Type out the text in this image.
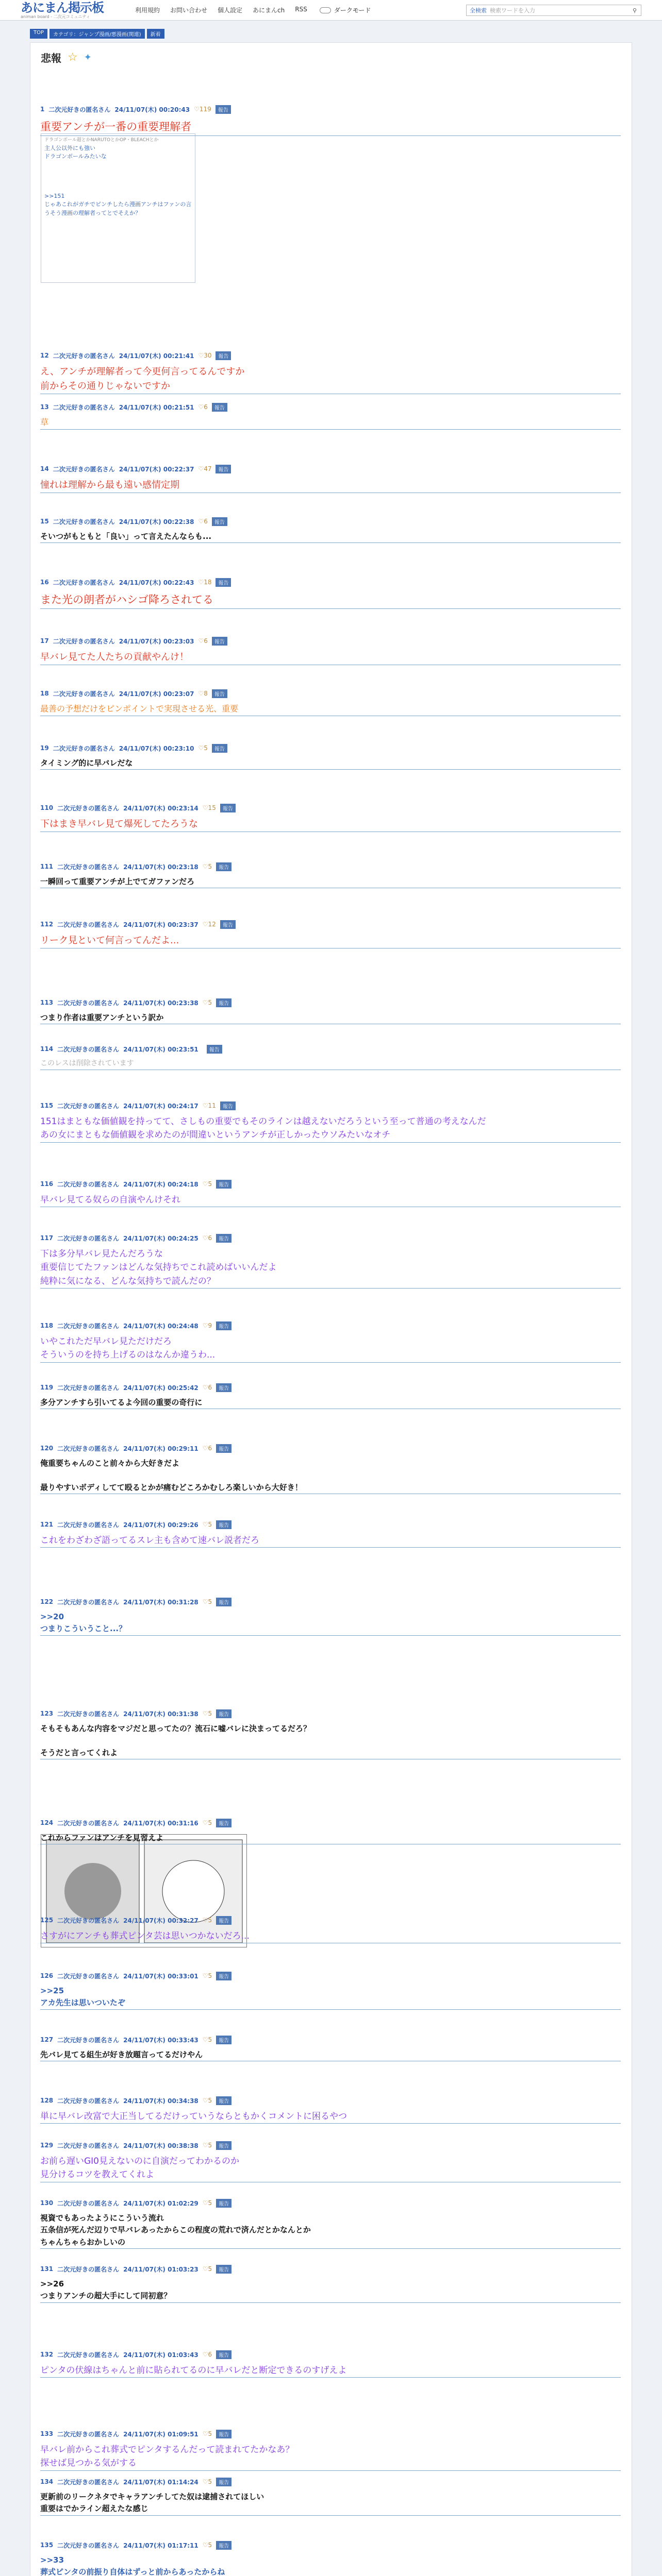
あにまん掲示板
animan board - 二次元コミュニティ
利用規約 お問い合わせ 個人設定 あにまんch RSS	ダークモード	全検索 検索ワードを入力	⚲
TOP	カテゴリ：ジャンプ漫画/悪漫画(関連)	新着
悲報 ☆ ✦
ドラゴンボール超とかNARUTOとかOP・BLEACHとか
主人公以外にも強い
ドラゴンボールみたいな
>>151
じゃあこれがガチでピンチしたら漫画アンチはファンの言うそう漫画の理解者ってとでそえか？
1 二次元好きの匿名さん 24/11/07(木) 00:20:43 ♡119	報告
重要アンチが一番の重要理解者
12 二次元好きの匿名さん 24/11/07(木) 00:21:41 ♡30	報告
え、アンチが理解者って今更何言ってるんですか
前からその通りじゃないですか
13 二次元好きの匿名さん 24/11/07(木) 00:21:51 ♡6	報告
草
14 二次元好きの匿名さん 24/11/07(木) 00:22:37 ♡47	報告
憧れは理解から最も遠い感情定期
15 二次元好きの匿名さん 24/11/07(木) 00:22:38 ♡6	報告
そいつがもともと「良い」って言えたんならも...
16 二次元好きの匿名さん 24/11/07(木) 00:22:43 ♡18	報告
また光の朗者がハシゴ降ろされてる
17 二次元好きの匿名さん 24/11/07(木) 00:23:03 ♡6	報告
早バレ見てた人たちの貢献やんけ！
18 二次元好きの匿名さん 24/11/07(木) 00:23:07 ♡8	報告
最善の予想だけをピンポイントで実現させる光、重要
19 二次元好きの匿名さん 24/11/07(木) 00:23:10 ♡5	報告
タイミング的に早バレだな
110 二次元好きの匿名さん 24/11/07(木) 00:23:14 ♡15	報告
下はまき早バレ見て爆死してたろうな
111 二次元好きの匿名さん 24/11/07(木) 00:23:18 ♡5	報告
一瞬回って重要アンチが上でてガファンだろ
112 二次元好きの匿名さん 24/11/07(木) 00:23:37 ♡12	報告
リーク見といて何言ってんだよ...
113 二次元好きの匿名さん 24/11/07(木) 00:23:38 ♡5	報告
つまり作者は重要アンチという訳か
114 二次元好きの匿名さん 24/11/07(木) 00:23:51	報告
このレスは削除されています
115 二次元好きの匿名さん 24/11/07(木) 00:24:17 ♡11	報告
151はまともな価値観を持ってて、さしもの重要でもそのラインは越えないだろうという至って普通の考えなんだ
あの女にまともな価値観を求めたのが間違いというアンチが正しかったウソみたいなオチ
116 二次元好きの匿名さん 24/11/07(木) 00:24:18 ♡5	報告
早バレ見てる奴らの自演やんけそれ
117 二次元好きの匿名さん 24/11/07(木) 00:24:25 ♡6	報告
下は多分早バレ見たんだろうな
重要信じてたファンはどんな気持ちでこれ読めばいいんだよ
純粋に気になる、どんな気持ちで読んだの？
118 二次元好きの匿名さん 24/11/07(木) 00:24:48 ♡9	報告
いやこれただ早バレ見ただけだろ
そういうのを持ち上げるのはなんか違うわ...
119 二次元好きの匿名さん 24/11/07(木) 00:25:42 ♡6	報告
多分アンチすら引いてるよ今回の重要の奇行に
120 二次元好きの匿名さん 24/11/07(木) 00:29:11 ♡6	報告
俺重要ちゃんのこと前々から大好きだよ

最りやすいボディしてて殴るとかが痛むどころかむしろ楽しいから大好き！
121 二次元好きの匿名さん 24/11/07(木) 00:29:26 ♡5	報告
これをわざわざ語ってるスレ主も含めて速バレ説者だろ
122 二次元好きの匿名さん 24/11/07(木) 00:31:28 ♡5	報告
>>20
つまりこういうこと...？
123 二次元好きの匿名さん 24/11/07(木) 00:31:38 ♡5	報告
そもそもあんな内容をマジだと思ってたの？流石に嘘バレに決まってるだろ？

そうだと言ってくれよ
124 二次元好きの匿名さん 24/11/07(木) 00:31:16 ♡5	報告
これからファンはアンチを見習えよ
125 二次元好きの匿名さん 24/11/07(木) 00:32:27 ♡5	報告
さすがにアンチも葬式ピンタ芸は思いつかないだろ...
126 二次元好きの匿名さん 24/11/07(木) 00:33:01 ♡5	報告
>>25
アカ先生は思いついたぞ
127 二次元好きの匿名さん 24/11/07(木) 00:33:43 ♡5	報告
先バレ見てる組生が好き放題言ってるだけやん
128 二次元好きの匿名さん 24/11/07(木) 00:34:38 ♡5	報告
単に早バレ改富で大正当してるだけっていうならともかくコメントに困るやつ
129 二次元好きの匿名さん 24/11/07(木) 00:38:38 ♡5	報告
お前ら遅いGI0見えないのに自演だってわかるのか
見分けるコツを教えてくれよ
130 二次元好きの匿名さん 24/11/07(木) 01:02:29 ♡5	報告
視資でもあったようにこういう流れ
五条信が死んだ辺りで早バレあったからこの程度の荒れで済んだとかなんとか
ちゃんちゃらおかしいの
131 二次元好きの匿名さん 24/11/07(木) 01:03:23 ♡5	報告
>>26
つまりアンチの超大手にして同初意？
132 二次元好きの匿名さん 24/11/07(木) 01:03:43 ♡6	報告
ピンタの伏線はちゃんと前に貼られてるのに早バレだと断定できるのすげえよ
133 二次元好きの匿名さん 24/11/07(木) 01:09:51 ♡5	報告
早バレ前からこれ葬式でピンタするんだって読まれてたかなあ？
探せば見つかる気がする
134 二次元好きの匿名さん 24/11/07(木) 01:14:24 ♡5	報告
更新前のリークネタでキャラアンチしてた奴は逮捕されてほしい
重要はでかライン超えたな感じ
135 二次元好きの匿名さん 24/11/07(木) 01:17:11 ♡5	報告
>>33
葬式ピンタの前振り自体はずっと前からあったからね
